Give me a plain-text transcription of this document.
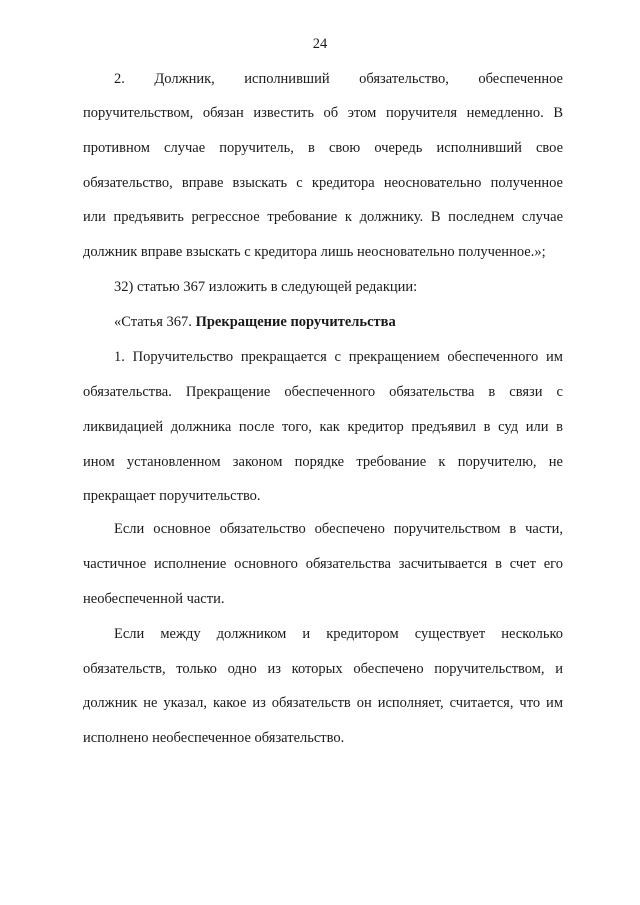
24
2. Должник, исполнивший обязательство, обеспеченное
поручительством, обязан известить об этом поручителя немедленно. В
противном случае поручитель, в свою очередь исполнивший свое
обязательство, вправе взыскать с кредитора неосновательно полученное
или предъявить регрессное требование к должнику. В последнем случае
должник вправе взыскать с кредитора лишь неосновательно полученное.»;
32) статью 367 изложить в следующей редакции:
«Статья 367. Прекращение поручительства
1. Поручительство прекращается с прекращением обеспеченного им
обязательства. Прекращение обеспеченного обязательства в связи с
ликвидацией должника после того, как кредитор предъявил в суд или в
ином установленном законом порядке требование к поручителю, не
прекращает поручительство.
Если основное обязательство обеспечено поручительством в части,
частичное исполнение основного обязательства засчитывается в счет его
необеспеченной части.
Если между должником и кредитором существует несколько
обязательств, только одно из которых обеспечено поручительством, и
должник не указал, какое из обязательств он исполняет, считается, что им
исполнено необеспеченное обязательство.
